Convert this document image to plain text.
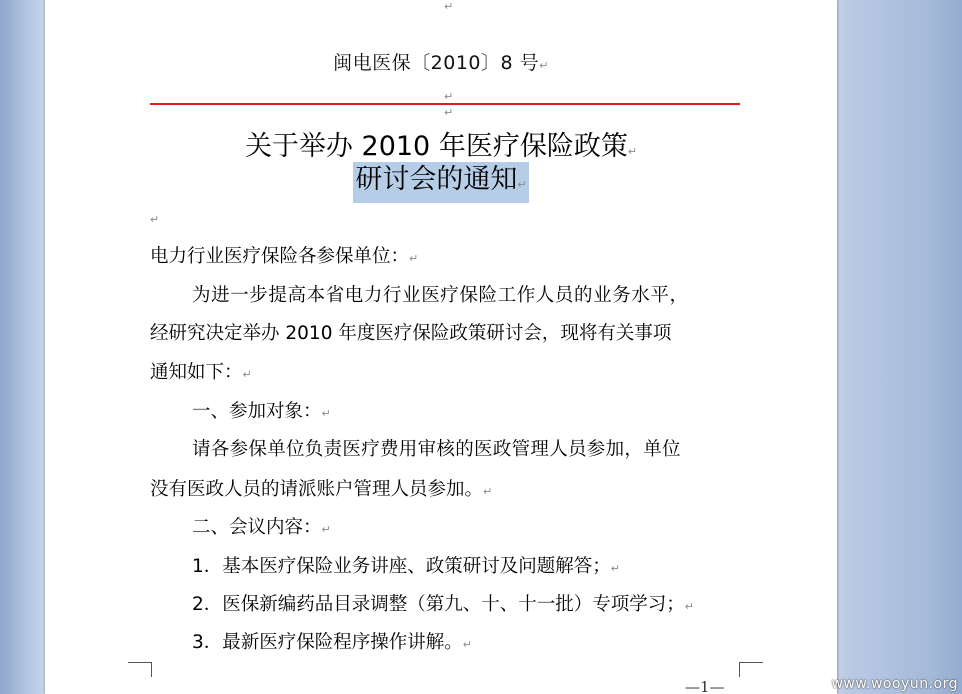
↵
闽电医保〔2010〕8 号↵
↵
↵
关于举办 2010 年医疗保险政策↵
研讨会的通知↵
↵
电力行业医疗保险各参保单位：↵
为进一步提高本省电力行业医疗保险工作人员的业务水平，
经研究决定举办 2010 年度医疗保险政策研讨会，现将有关事项
通知如下：↵
一、参加对象：↵
请各参保单位负责医疗费用审核的医政管理人员参加，单位
没有医政人员的请派账户管理人员参加。↵
二、会议内容：↵
1．基本医疗保险业务讲座、政策研讨及问题解答；↵
2．医保新编药品目录调整（第九、十、十一批）专项学习；↵
3．最新医疗保险程序操作讲解。↵
—1—	www.wooyun.org
